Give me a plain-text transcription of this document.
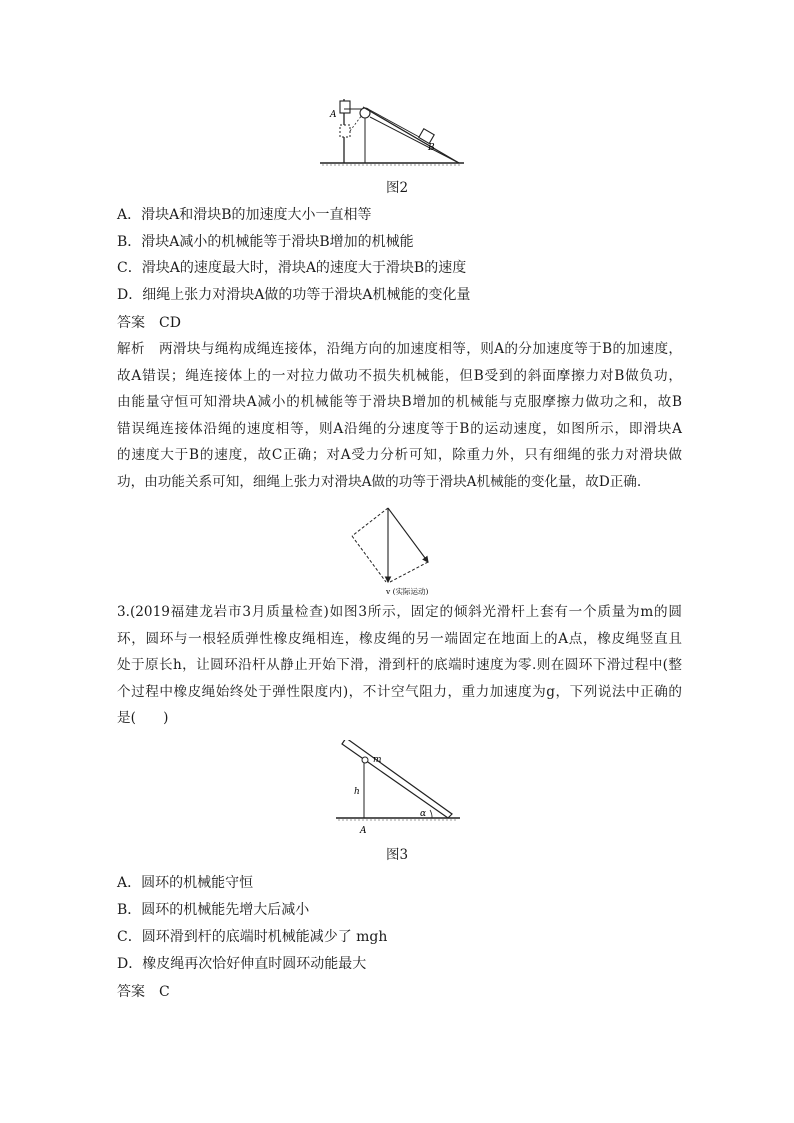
A
B
图2
A．滑块A和滑块B的加速度大小一直相等
B．滑块A减小的机械能等于滑块B增加的机械能
C．滑块A的速度最大时，滑块A的速度大于滑块B的速度
D．细绳上张力对滑块A做的功等于滑块A机械能的变化量
答案 CD
解析　 两滑块与绳构成绳连接体，沿绳方向的加速度相等，则A的分加速度等于B的加速度，
故A错误；绳连接体上的一对拉力做功不损失机械能，但B受到的斜面摩擦力对B做负功，
由能量守恒可知滑块A减小的机械能等于滑块B增加的机械能与克服摩擦力做功之和，故B
错误绳连接体沿绳的速度相等，则A沿绳的分速度等于B的运动速度，如图所示，即滑块A
的速度大于B的速度，故C正确；对A受力分析可知，除重力外，只有细绳的张力对滑块做
功，由功能关系可知，细绳上张力对滑块A做的功等于滑块A机械能的变化量，故D正确.
v (实际运动)
3.(2019福建龙岩市3月质量检查)如图3所示，固定的倾斜光滑杆上套有一个质量为m的圆
环，圆环与一根轻质弹性橡皮绳相连，橡皮绳的另一端固定在地面上的A点，橡皮绳竖直且
处于原长h，让圆环沿杆从静止开始下滑，滑到杆的底端时速度为零.则在圆环下滑过程中(整
个过程中橡皮绳始终处于弹性限度内)，不计空气阻力，重力加速度为g，下列说法中正确的
是(　　)
m
h
A
α
图3
A．圆环的机械能守恒
B．圆环的机械能先增大后减小
C．圆环滑到杆的底端时机械能减少了 mgh
D．橡皮绳再次恰好伸直时圆环动能最大
答案 C
